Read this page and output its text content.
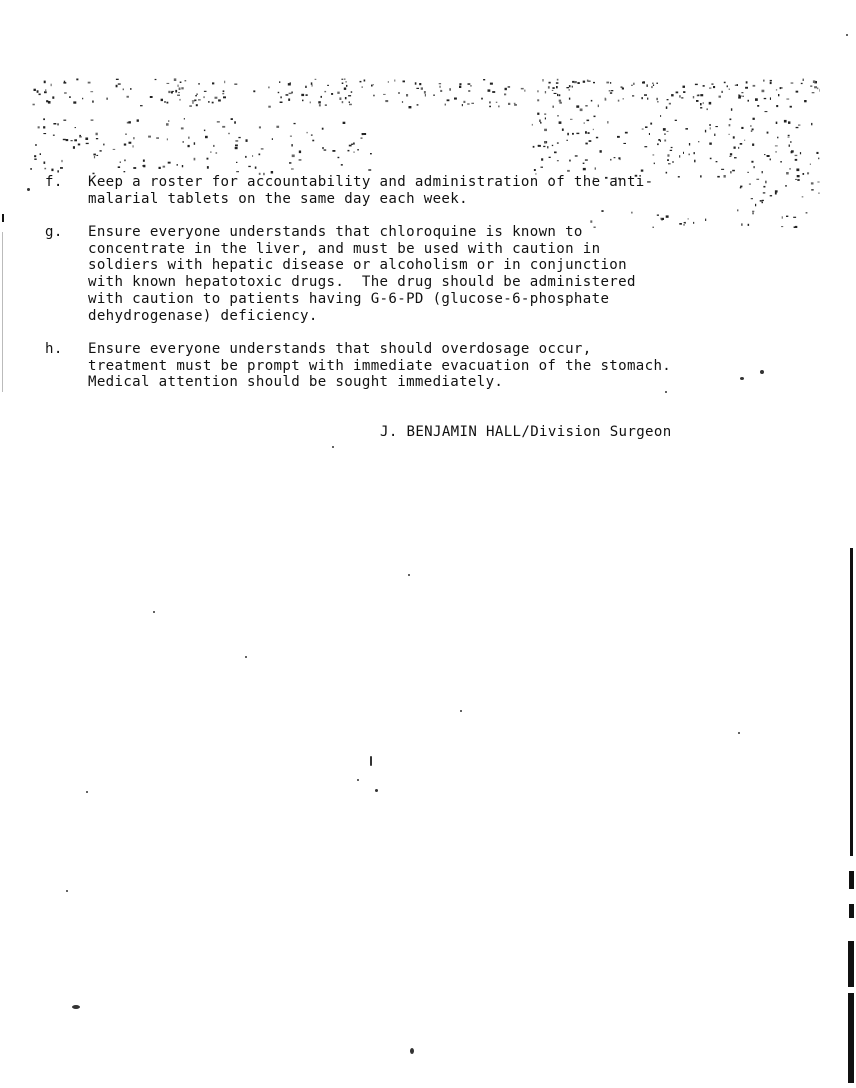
f.	Keep a roster for accountability and administration of the anti-
malarial tablets on the same day each week.
g.	Ensure everyone understands that chloroquine is known to
concentrate in the liver, and must be used with caution in
soldiers with hepatic disease or alcoholism or in conjunction
with known hepatotoxic drugs.  The drug should be administered
with caution to patients having G-6-PD (glucose-6-phosphate
dehydrogenase) deficiency.
h.	Ensure everyone understands that should overdosage occur,
treatment must be prompt with immediate evacuation of the stomach.
Medical attention should be sought immediately.
J. BENJAMIN HALL/Division Surgeon
